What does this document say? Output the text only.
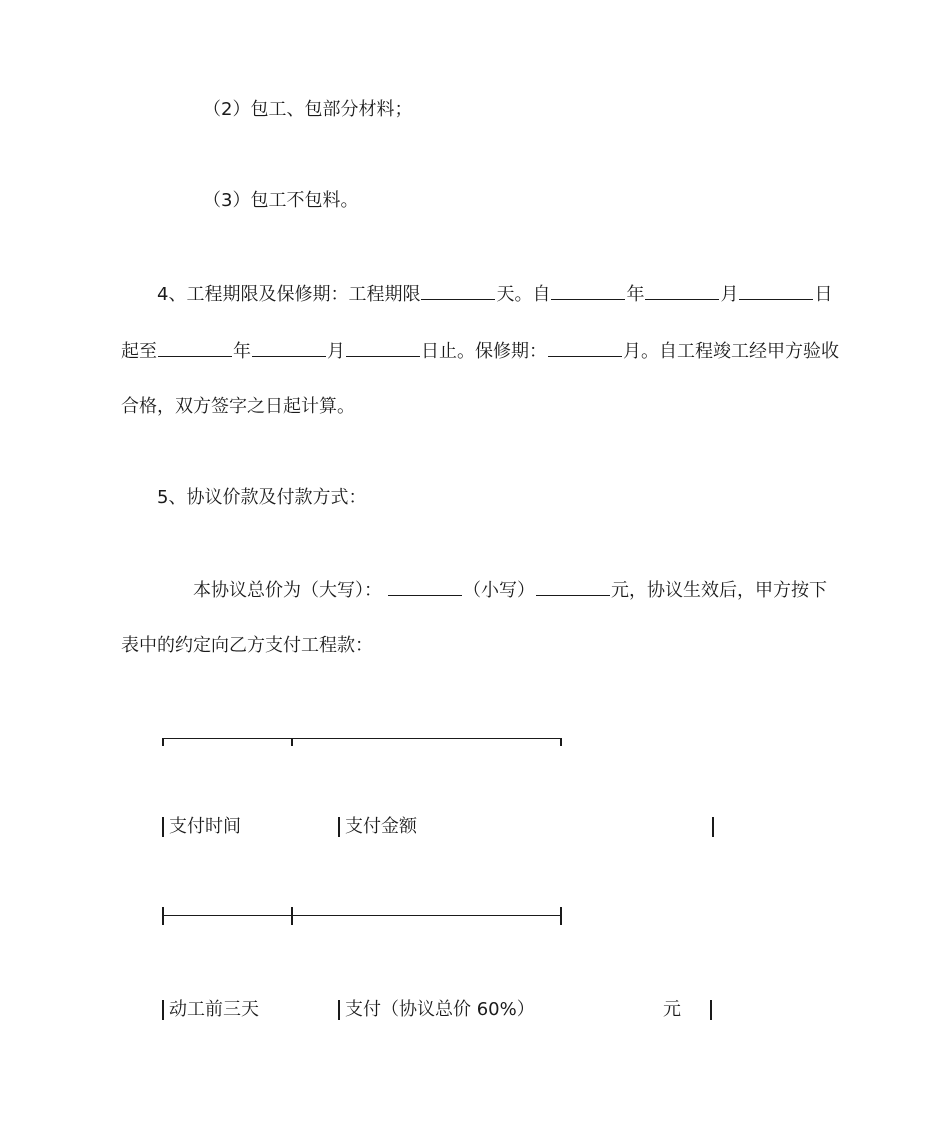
（2）包工、包部分材料；
（3）包工不包料。
4、工程期限及保修期：工程期限	天。自	年	月	日
起至	年	月	日止。保修期：	月。自工程竣工经甲方验收
合格，双方签字之日起计算。
5、协议价款及付款方式：
本协议总价为（大写）：	（小写）	元，协议生效后，甲方按下
表中的约定向乙方支付工程款：
支付时间	支付金额
动工前三天	支付（协议总价 60%）	元
